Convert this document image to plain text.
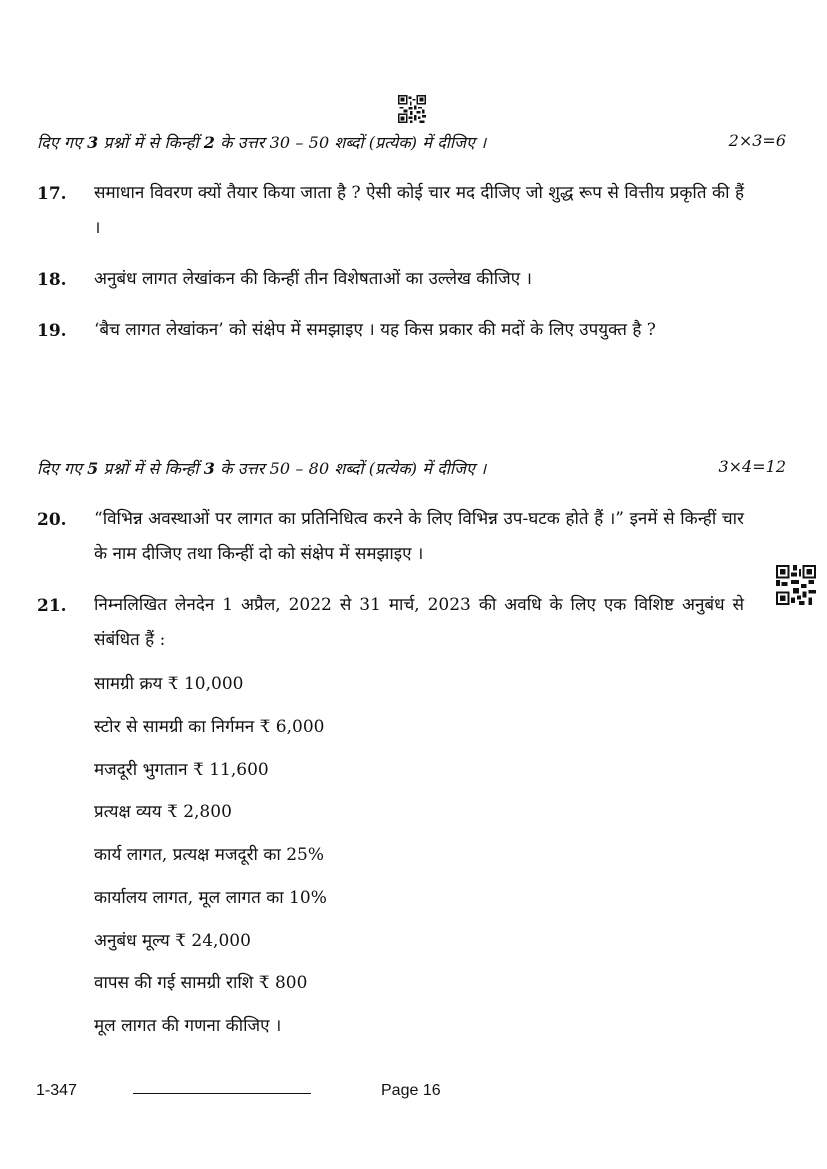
दिए गए 3 प्रश्नों में से किन्हीं 2 के उत्तर 30 – 50 शब्दों (प्रत्येक) में दीजिए ।	2×3=6
17. समाधान विवरण क्यों तैयार किया जाता है ? ऐसी कोई चार मद दीजिए जो शुद्ध रूप से वित्तीय प्रकृति की हैं ।
18. अनुबंध लागत लेखांकन की किन्हीं तीन विशेषताओं का उल्लेख कीजिए ।
19. ‘बैच लागत लेखांकन’ को संक्षेप में समझाइए । यह किस प्रकार की मदों के लिए उपयुक्त है ?
दिए गए 5 प्रश्नों में से किन्हीं 3 के उत्तर 50 – 80 शब्दों (प्रत्येक) में दीजिए ।	3×4=12
20. “विभिन्न अवस्थाओं पर लागत का प्रतिनिधित्व करने के लिए विभिन्न उप-घटक होते हैं ।” इनमें से किन्हीं चार के नाम दीजिए तथा किन्हीं दो को संक्षेप में समझाइए ।
21. निम्नलिखित लेनदेन 1 अप्रैल, 2022 से 31 मार्च, 2023 की अवधि के लिए एक विशिष्ट अनुबंध से संबंधित हैं :
सामग्री क्रय ₹ 10,000
स्टोर से सामग्री का निर्गमन ₹ 6,000
मजदूरी भुगतान ₹ 11,600
प्रत्यक्ष व्यय ₹ 2,800
कार्य लागत, प्रत्यक्ष मजदूरी का 25%
कार्यालय लागत, मूल लागत का 10%
अनुबंध मूल्य ₹ 24,000
वापस की गई सामग्री राशि ₹ 800
मूल लागत की गणना कीजिए ।
1-347	Page 16
